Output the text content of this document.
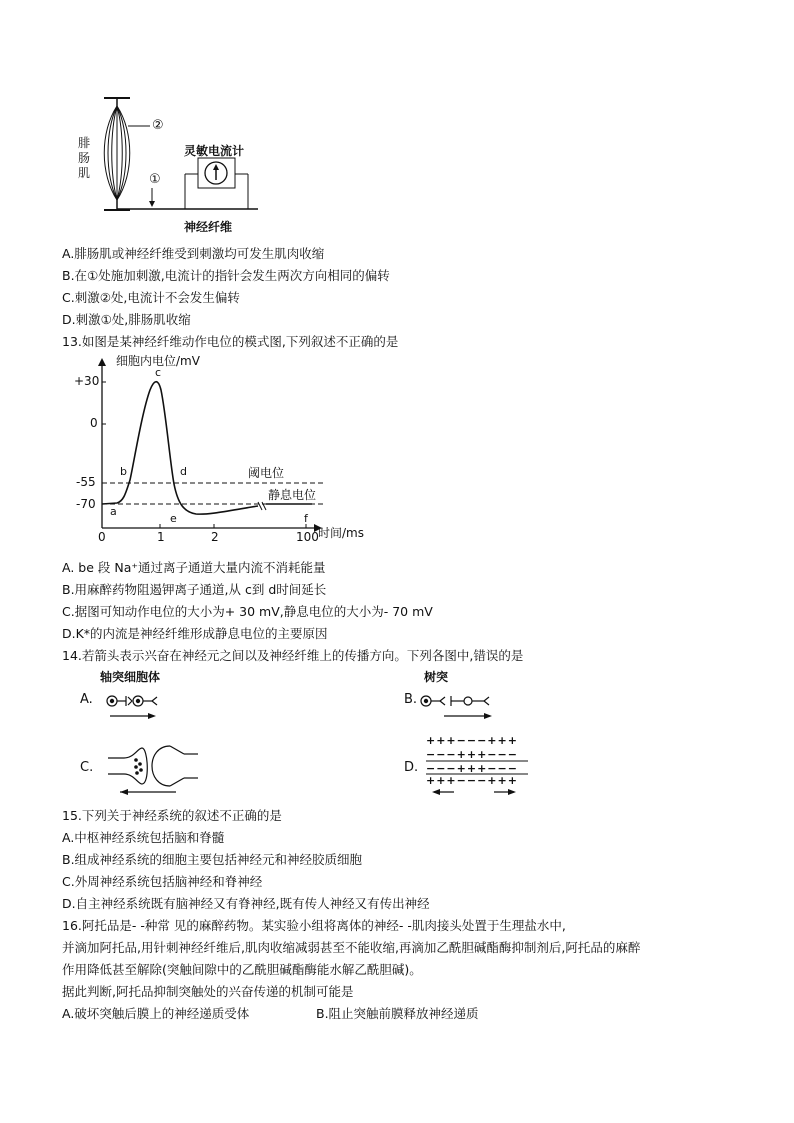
腓肠肌
②
①
灵敏电流计
神经纤维
A.腓肠肌或神经纤维受到刺激均可发生肌肉收缩
B.在①处施加刺激,电流计的指针会发生两次方向相同的偏转
C.刺激②处,电流计不会发生偏转
D.刺激①处,腓肠肌收缩
13.如图是某神经纤维动作电位的模式图,下列叙述不正确的是
细胞内电位/mV
+30
0
-55
-70
0	1	2	100 时间/ms
阈电位
静息电位
a
b
c
d
e	f
A. be 段 Na⁺通过离子通道大量内流不消耗能量
B.用麻醉药物阻遏钾离子通道,从 c到 d时间延长
C.据图可知动作电位的大小为+ 30 mV,静息电位的大小为- 70 mV
D.K*的内流是神经纤维形成静息电位的主要原因
14.若箭头表示兴奋在神经元之间以及神经纤维上的传播方向。下列各图中,错误的是
A.
轴突细胞体
B.
树突
C.	D.
+++−−−+++
−−−+++−−−
−−−+++−−−
+++−−−+++
15.下列关于神经系统的叙述不正确的是
A.中枢神经系统包括脑和脊髓
B.组成神经系统的细胞主要包括神经元和神经胶质细胞
C.外周神经系统包括脑神经和脊神经
D.自主神经系统既有脑神经又有脊神经,既有传人神经又有传出神经
16.阿托品是- -种常 见的麻醉药物。某实验小组将离体的神经- -肌肉接头处置于生理盐水中,
并滴加阿托品,用针刺神经纤维后,肌肉收缩减弱甚至不能收缩,再滴加乙酰胆碱酯酶抑制剂后,阿托品的麻醉
作用降低甚至解除(突触间隙中的乙酰胆碱酯酶能水解乙酰胆碱)。
据此判断,阿托品抑制突触处的兴奋传递的机制可能是
A.破坏突触后膜上的神经递质受体	B.阻止突触前膜释放神经递质
